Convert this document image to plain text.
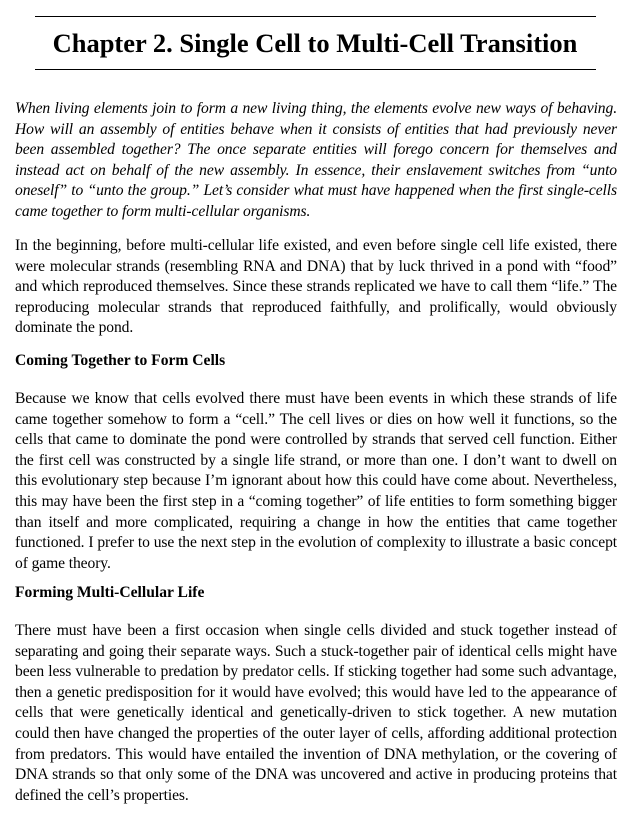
Chapter 2. Single Cell to Multi-Cell Transition

When living elements join to form a new living thing, the elements evolve new ways of behaving. How will an assembly of entities behave when it consists of entities that had previously never been assembled together? The once separate entities will forego concern for themselves and instead act on behalf of the new assembly. In essence, their enslavement switches from “unto oneself” to “unto the group.” Let’s consider what must have happened when the first single-cells came together to form multi-cellular organisms.

In the beginning, before multi-cellular life existed, and even before single cell life existed, there were molecular strands (resembling RNA and DNA) that by luck thrived in a pond with “food” and which reproduced themselves. Since these strands replicated we have to call them “life.” The reproducing molecular strands that reproduced faithfully, and prolifically, would obviously dominate the pond.

Coming Together to Form Cells

Because we know that cells evolved there must have been events in which these strands of life came together somehow to form a “cell.” The cell lives or dies on how well it functions, so the cells that came to dominate the pond were controlled by strands that served cell function. Either the first cell was constructed by a single life strand, or more than one. I don’t want to dwell on this evolutionary step because I’m ignorant about how this could have come about. Nevertheless, this may have been the first step in a “coming together” of life entities to form something bigger than itself and more complicated, requiring a change in how the entities that came together functioned. I prefer to use the next step in the evolution of complexity to illustrate a basic concept of game theory.

Forming Multi-Cellular Life

There must have been a first occasion when single cells divided and stuck together instead of separating and going their separate ways. Such a stuck-together pair of identical cells might have been less vulnerable to predation by predator cells. If sticking together had some such advantage, then a genetic predisposition for it would have evolved; this would have led to the appearance of cells that were genetically identical and genetically-driven to stick together. A new mutation could then have changed the properties of the outer layer of cells, affording additional protection from predators. This would have entailed the invention of DNA methylation, or the covering of DNA strands so that only some of the DNA was uncovered and active in producing proteins that defined the cell’s properties.
